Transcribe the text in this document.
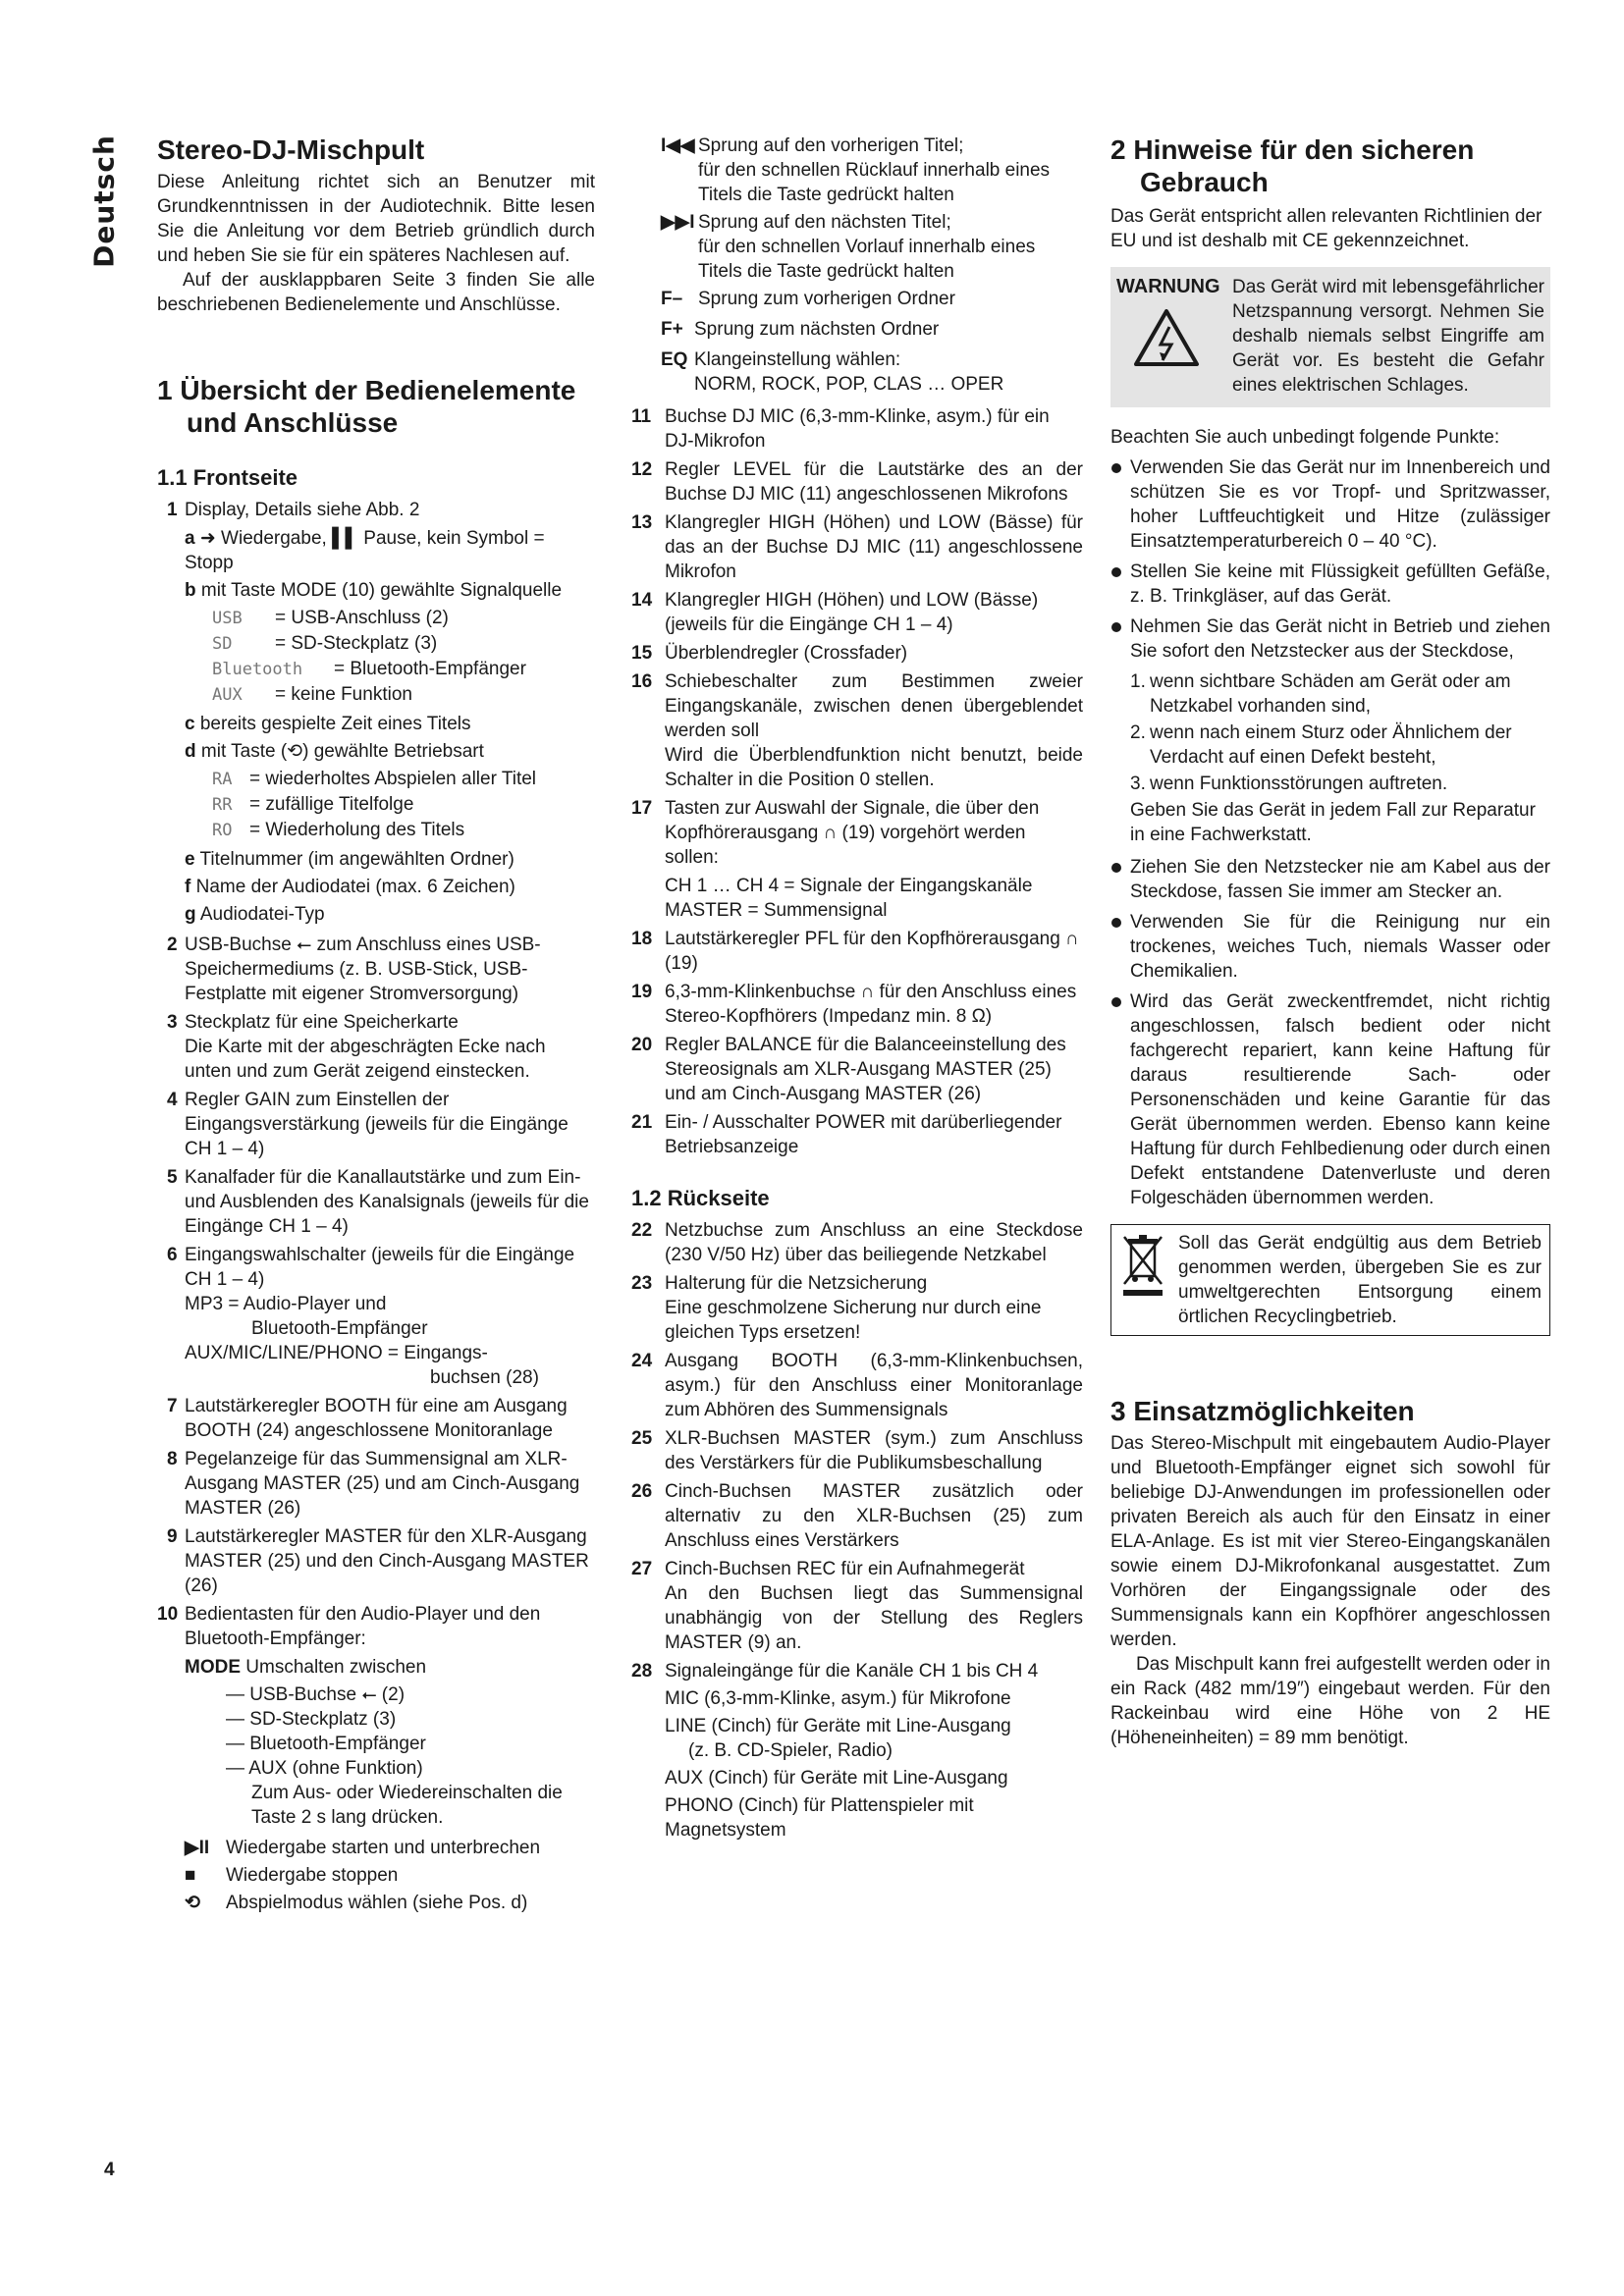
Deutsch Stereo-DJ-Mischpult

Diese Anleitung richtet sich an Benutzer mit Grundkenntnissen in der Audiotechnik. Bitte lesen Sie die Anleitung vor dem Betrieb gründlich durch und heben Sie sie für ein späteres Nachlesen auf.

Auf der ausklappbaren Seite 3 finden Sie alle beschriebenen Bedienelemente und Anschlüsse.

1 Übersicht der Bedienelemente und Anschlüsse
1.1 Frontseite
1 Display, Details siehe Abb. 2
a ➜ Wiedergabe, ▌▌ Pause, kein Symbol = Stopp
b mit Taste MODE (10) gewählte Signalquelle
USB = USB-Anschluss (2)
SD = SD-Steckplatz (3)
Bluetooth = Bluetooth-Empfänger
AUX = keine Funktion
c bereits gespielte Zeit eines Titels
d mit Taste (⟲) gewählte Betriebsart
RA = wiederholtes Abspielen aller Titel
RR = zufällige Titelfolge
RO = Wiederholung des Titels
e Titelnummer (im angewählten Ordner)
f Name der Audiodatei (max. 6 Zeichen)
g Audiodatei-Typ
2 USB-Buchse ⭠ zum Anschluss eines USB-Speichermediums (z. B. USB-Stick, USB-Festplatte mit eigener Stromversorgung)
3 Steckplatz für eine Speicherkarte
Die Karte mit der abgeschrägten Ecke nach unten und zum Gerät zeigend einstecken.
4 Regler GAIN zum Einstellen der Eingangsverstärkung (jeweils für die Eingänge CH 1 – 4)
5 Kanalfader für die Kanallautstärke und zum Ein- und Ausblenden des Kanalsignals (jeweils für die Eingänge CH 1 – 4)
6 Eingangswahlschalter (jeweils für die Eingänge CH 1 – 4)
MP3 = Audio-Player und
Bluetooth-Empfänger
AUX/MIC/LINE/PHONO = Eingangs-
buchsen (28)
7 Lautstärkeregler BOOTH für eine am Ausgang BOOTH (24) angeschlossene Monitoranlage
8 Pegelanzeige für das Summensignal am XLR-Ausgang MASTER (25) und am Cinch-Ausgang MASTER (26)
9 Lautstärkeregler MASTER für den XLR-Ausgang MASTER (25) und den Cinch-Ausgang MASTER (26)
10 Bedientasten für den Audio-Player und den Bluetooth-Empfänger:
MODE Umschalten zwischen
— USB-Buchse ⭠ (2)
— SD-Steckplatz (3)
— Bluetooth-Empfänger
— AUX (ohne Funktion)
Zum Aus- oder Wiedereinschalten die Taste 2 s lang drücken.
▶II Wiedergabe starten und unterbrechen
■	Wiedergabe stoppen
⟲	Abspielmodus wählen (siehe Pos. d)
I◀◀ Sprung auf den vorherigen Titel;
für den schnellen Rücklauf innerhalb eines Titels die Taste gedrückt halten
▶▶I Sprung auf den nächsten Titel;
für den schnellen Vorlauf innerhalb eines Titels die Taste gedrückt halten
F– Sprung zum vorherigen Ordner
F+ Sprung zum nächsten Ordner
EQ Klangeinstellung wählen:
NORM, ROCK, POP, CLAS … OPER
11 Buchse DJ MIC (6,3-mm-Klinke, asym.) für ein DJ-Mikrofon
12 Regler LEVEL für die Lautstärke des an der Buchse DJ MIC (11) angeschlossenen Mikrofons
13 Klangregler HIGH (Höhen) und LOW (Bässe) für das an der Buchse DJ MIC (11) angeschlossene Mikrofon
14 Klangregler HIGH (Höhen) und LOW (Bässe) (jeweils für die Eingänge CH 1 – 4)
15 Überblendregler (Crossfader)
16 Schiebeschalter zum Bestimmen zweier Eingangskanäle, zwischen denen übergeblendet werden soll
Wird die Überblendfunktion nicht benutzt, beide Schalter in die Position 0 stellen.
17 Tasten zur Auswahl der Signale, die über den Kopfhörerausgang ∩ (19) vorgehört werden sollen:
CH 1 … CH 4 = Signale der Eingangskanäle
MASTER = Summensignal
18 Lautstärkeregler PFL für den Kopfhörerausgang ∩ (19)
19 6,3-mm-Klinkenbuchse ∩ für den Anschluss eines Stereo-Kopfhörers (Impedanz min. 8 Ω)
20 Regler BALANCE für die Balanceeinstellung des Stereosignals am XLR-Ausgang MASTER (25) und am Cinch-Ausgang MASTER (26)
21 Ein- / Ausschalter POWER mit darüberliegender Betriebsanzeige
1.2 Rückseite
22 Netzbuchse zum Anschluss an eine Steckdose (230 V/50 Hz) über das beiliegende Netzkabel
23 Halterung für die Netzsicherung
Eine geschmolzene Sicherung nur durch eine gleichen Typs ersetzen!
24 Ausgang BOOTH (6,3-mm-Klinkenbuchsen, asym.) für den Anschluss einer Monitoranlage zum Abhören des Summensignals
25 XLR-Buchsen MASTER (sym.) zum Anschluss des Verstärkers für die Publikumsbeschallung
26 Cinch-Buchsen MASTER zusätzlich oder alternativ zu den XLR-Buchsen (25) zum Anschluss eines Verstärkers
27 Cinch-Buchsen REC für ein Aufnahmegerät
An den Buchsen liegt das Summensignal unabhängig von der Stellung des Reglers MASTER (9) an.
28 Signaleingänge für die Kanäle CH 1 bis CH 4
MIC (6,3-mm-Klinke, asym.) für Mikrofone
LINE (Cinch) für Geräte mit Line-Ausgang
(z. B. CD-Spieler, Radio)
AUX (Cinch) für Geräte mit Line-Ausgang
PHONO (Cinch) für Plattenspieler mit Magnetsystem
2 Hinweise für den sicheren Gebrauch

Das Gerät entspricht allen relevanten Richtlinien der EU und ist deshalb mit CE gekennzeichnet.

WARNUNG Das Gerät wird mit lebensgefährlicher Netzspannung versorgt. Nehmen Sie deshalb niemals selbst Eingriffe am Gerät vor. Es besteht die Gefahr eines elektrischen Schlages.

Beachten Sie auch unbedingt folgende Punkte:

Verwenden Sie das Gerät nur im Innenbereich und schützen Sie es vor Tropf- und Spritzwasser, hoher Luftfeuchtigkeit und Hitze (zulässiger Einsatztemperaturbereich 0 – 40 °C).
Stellen Sie keine mit Flüssigkeit gefüllten Gefäße, z. B. Trinkgläser, auf das Gerät.
Nehmen Sie das Gerät nicht in Betrieb und ziehen Sie sofort den Netzstecker aus der Steckdose,
1. wenn sichtbare Schäden am Gerät oder am Netzkabel vorhanden sind,
2. wenn nach einem Sturz oder Ähnlichem der Verdacht auf einen Defekt besteht,
3. wenn Funktionsstörungen auftreten.
Geben Sie das Gerät in jedem Fall zur Reparatur in eine Fachwerkstatt.
Ziehen Sie den Netzstecker nie am Kabel aus der Steckdose, fassen Sie immer am Stecker an.
Verwenden Sie für die Reinigung nur ein trockenes, weiches Tuch, niemals Wasser oder Chemikalien.
Wird das Gerät zweckentfremdet, nicht richtig angeschlossen, falsch bedient oder nicht fachgerecht repariert, kann keine Haftung für daraus resultierende Sach- oder Personenschäden und keine Garantie für das Gerät übernommen werden. Ebenso kann keine Haftung für durch Fehlbedienung oder durch einen Defekt entstandene Datenverluste und deren Folgeschäden übernommen werden.
Soll das Gerät endgültig aus dem Betrieb genommen werden, übergeben Sie es zur umweltgerechten Entsorgung einem örtlichen Recyclingbetrieb.
3 Einsatzmöglichkeiten

Das Stereo-Mischpult mit eingebautem Audio-Player und Bluetooth-Empfänger eignet sich sowohl für beliebige DJ-Anwendungen im professionellen oder privaten Bereich als auch für den Einsatz in einer ELA-Anlage. Es ist mit vier Stereo-Eingangskanälen sowie einem DJ-Mikrofonkanal ausgestattet. Zum Vorhören der Eingangssignale oder des Summensignals kann ein Kopfhörer angeschlossen werden.

Das Mischpult kann frei aufgestellt werden oder in ein Rack (482 mm/19″) eingebaut werden. Für den Rackeinbau wird eine Höhe von 2 HE (Höheneinheiten) = 89 mm benötigt.

4
